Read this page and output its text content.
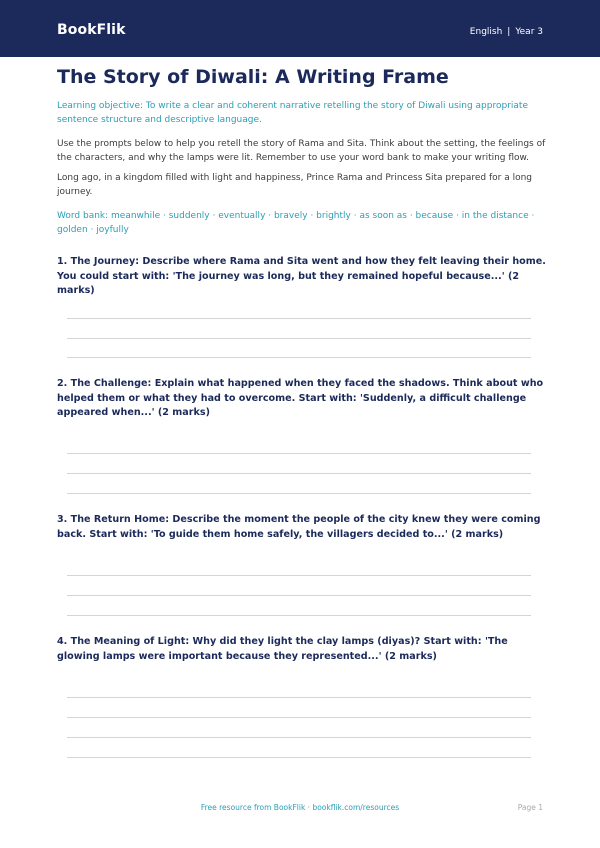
BookFlik	English | Year 3
The Story of Diwali: A Writing Frame

Learning objective: To write a clear and coherent narrative retelling the story of Diwali using appropriate sentence structure and descriptive language.

Use the prompts below to help you retell the story of Rama and Sita. Think about the setting, the feelings of the characters, and why the lamps were lit. Remember to use your word bank to make your writing flow.

Long ago, in a kingdom filled with light and happiness, Prince Rama and Princess Sita prepared for a long journey.

Word bank: meanwhile · suddenly · eventually · bravely · brightly · as soon as · because · in the distance · golden · joyfully

1. The Journey: Describe where Rama and Sita went and how they felt leaving their home. You could start with: 'The journey was long, but they remained hopeful because...' (2 marks)

2. The Challenge: Explain what happened when they faced the shadows. Think about who helped them or what they had to overcome. Start with: 'Suddenly, a difficult challenge appeared when...' (2 marks)

3. The Return Home: Describe the moment the people of the city knew they were coming back. Start with: 'To guide them home safely, the villagers decided to...' (2 marks)

4. The Meaning of Light: Why did they light the clay lamps (diyas)? Start with: 'The glowing lamps were important because they represented...' (2 marks)

Free resource from BookFlik · bookflik.com/resources	Page 1
